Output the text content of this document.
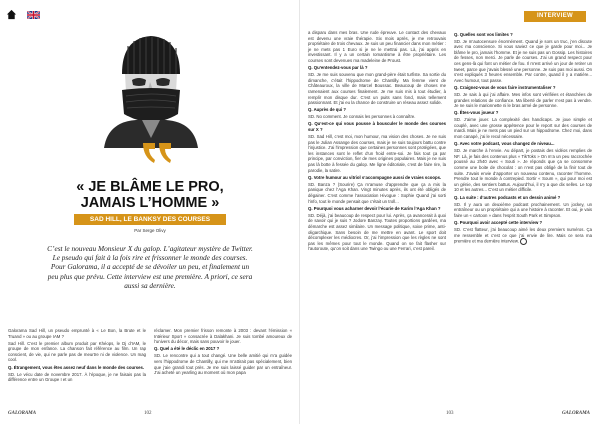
« JE BLÂME LE PRO,
JAMAIS L’HOMME »
SAD HILL, LE BANKSY DES COURSES
Par Serge Olivy

C’est le nouveau Monsieur X du galop. L’agitateur mystère de Twitter. Le pseudo qui fait à la fois rire et frissonner le monde des courses. Pour Galorama, il a accepté de se dévoiler un peu, et finalement un peu plus que prévu. Cette interview est une première. A priori, ce sera aussi sa dernière.

Galorama Sad Hill, un pseudo emprunté à « Le Bon, la Brute et le Truand » ou au groupe IAM ?

Sad Hill. C’est le premier album produit par Khéops, le Dj d’IAM, le groupe de mon enfance. La chanson fait référence au film. Un rap conscient, de vie, qui ne parle pas de meurtre ni de violence. Un mag cool.

Q. Étrangement, vous êtes assez neuf dans le monde des courses.

SD. Le vécu date de novembre 2017. À l’époque, je ne faisais pas la différence entre un Groupe I et un

réclamer. Mon premier frisson remonte à 2003 : devant l’émission « Intérieur Sport » consacrée à Dalakhani. Je suis tombé amoureux de l’univers du décor, mais sans pouvoir le jouer.

Q. Quel a été le déclic en 2017 ?

SD. Le rencontre qui a tout changé. Une belle amitié qui m’a guidée vers l’hippodrome de Chantilly, qui me m’attirait pas spécialement, bien que j’aie grandi tout près. Je me suis laissé guider par un entraîneur. J’ai acheté un yearling au moment où mon papa

GALORAMA	102
INTERVIEW

a disparu dans mes bras. Une rude épreuve. Le contact des chevaux est devenu une vraie thérapie. Six mois après, je me retrouvais propriétaire de trois chevaux. Je suis un peu financier dans mon métier : je ne mets pas 1 Euro si je ne le mettrai pas. Là, j’ai appris en investissant. Il y a un certain romantisme à être propriétaire. Les courses sont devenues ma madeleine de Proust.

Q. Qu’entendez-vous par là ?

SD. Je me suis souvenu que mon grand-père était turfiste. Sa sortie du dimanche, c’était l’hippodrome de Chantilly. Ma femme vient de Châteauroux, la ville de Marcel Boussac. Beaucoup de choses me ramenaient aux courses finalement. Je me suis mis à tout étudier, à remplir mon disque dur. C’est un puits sans fond, mais tellement passionnant. Et j’ai eu la chance de construire un réseau assez solide.

Q. Auprès de qui ?

SD. No comment. Je connais les personnes à connaître.

Q. Qu’est-ce qui vous pousse à bousculer le monde des courses sur X ?

SD. Sad Hill, c’est moi, mon humour, ma vision des choses. Je ne suis pas le Julian Assange des courses, mais je ne suis toujours battu contre l’injustice. J’ai l’impression que certaines personnes sont protégées, que les instances sont le reflet d’un froid entre-soi. Je fais tout ça par principe, par conviction, fier de mes origines populaires. Mais je ne suis pas là botte à fessée du galop. Me ligne éditoriale, c’est de faire rire, la parodie, la satire.

Q. Votre humour au vitriol s’accompagne aussi de vraies scoops.

SD. Banza ? (Sourire) Ça m’amuse d’apprendre que ça a mis la panique chez l’Aga Khan. Vingt minutes après, ils ont été obligés de dégainer. C’est comme l’association Hivogue : Sophie Quand j’ai sorti l’info, tout le monde pensait que c’était un troll...

Q. Pourquoi vous acharner devoir l’écurie de Karim l’Aga Khan ?

SD. Déjà, j’ai beaucoup de respect pour lui. Après, ça avancerait à quoi de savoir qui je suis ? Jodore Banzay. Toutes proportions gardées, ma démarche est assez similaire. Un message politique, soixe prime, anti-oligarchique. Sans besoin de me mettre en avant. Le sport doit décomplexer les médiocres. Or, j’ai l’impression que les règles ne sont pas les mêmes pour tout le monde. Quand on se fait flasher sur l’autoroute, qu’on soit dans une Twingo ou une Ferrari, c’est pareil.

Q. Quelles sont vos limites ?

SD. Je m’autocensure énormément. Quand je sors un truc, j’en discute avec ma conscience. Si vous saviez ce que je garde pour moi... Je blâme le pro, jamais l’homme. Et je ne suis pas un Gossip. Les histoires de fesses, non merci. Je parle de courses. J’ai un grand respect pour ces gens-là qui font un métier de fou. Il m’est arrivé un jour de retirer un tweet, parce que j’avais blessé une personne. Je suis pas moi aussi. On s’est expliqués 3 heures ensemble. Par contre, quand il y a matière... Avec humour, tout passe.

Q. Craignez-vous de vous faire instrumentaliser ?

SD. Je sais à qui j’ai affaire. Mes infos sont vérifiées et étanchées de grandes relations de confiance. Ma liberté de parler n’est pas à vendre. Je ne suis le marionnette ni le bras armé de personne.

Q. Êtes-vous joueur ?

SD. J’aime jouer. La complexité des handicaps. Je joue simple et couplé, avec une grosse appétence pour le report sur des courses de mardi. Mais je ne mets pas un pied sur un hippodrome. Chez moi, dans mon canapé, j’ai le recul nécessaire.

Q. Avec votre podcast, vous changez de niveau...

SD. Je marche à l’envie. Au départ, je postais des vidéos remplies de NF. Là, je fais des contenus plus « TikToks » On m’a un peu raccrochée poussé au 2h40 avec « Souti ». Je réponds que ça se consomme comme une boite de chocolat : on n’est pas obligé de la finir tout de suite. J’avais envie d’apporter un nouveau contenu, raconter l’homme. Prendre tout le monde à contrepied. Sortir « Soum », qui pour moi est un génie, des sentiers battus. Aujourd’hui, il n’y a que dix selles. Le top 10 et les autres... C’est un métier difficile.

Q. La suite : d’autres podcasts et un dessin animé ?

SD. Il y aura un deuxième podcast prochainement. Un jockey, un entraîneur ou un propriétaire qui a une histoire à raconter. Et oui, je vais faire un « cartoon » dans l’esprit South Park et Simpson.

Q. Pourquoi avoir accepté cette interview ?

SD. C’est flatteur, j’ai beaucoup aimé les deux premiers numéros. Ça me ressemble et c’est ce que j’ai envie de lire. Mais ce sera ma première et ma dernière interview.

103	GALORAMA
